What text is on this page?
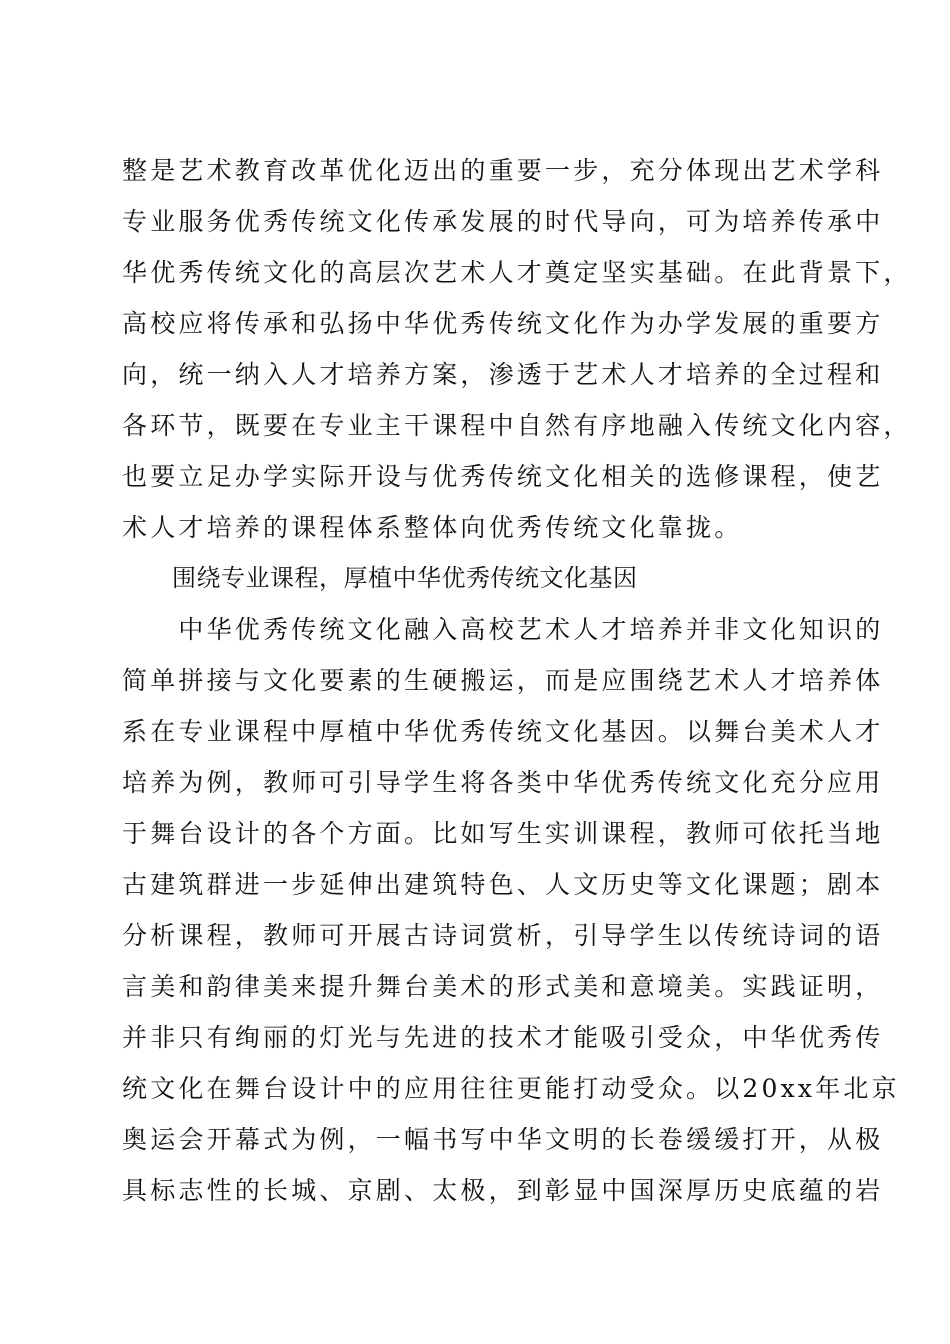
整是艺术教育改革优化迈出的重要一步，充分体现出艺术学科
专业服务优秀传统文化传承发展的时代导向，可为培养传承中
华优秀传统文化的高层次艺术人才奠定坚实基础。在此背景下，
高校应将传承和弘扬中华优秀传统文化作为办学发展的重要方
向，统一纳入人才培养方案，渗透于艺术人才培养的全过程和
各环节，既要在专业主干课程中自然有序地融入传统文化内容，
也要立足办学实际开设与优秀传统文化相关的选修课程，使艺
术人才培养的课程体系整体向优秀传统文化靠拢。
围绕专业课程，厚植中华优秀传统文化基因
　　中华优秀传统文化融入高校艺术人才培养并非文化知识的
简单拼接与文化要素的生硬搬运，而是应围绕艺术人才培养体
系在专业课程中厚植中华优秀传统文化基因。以舞台美术人才
培养为例，教师可引导学生将各类中华优秀传统文化充分应用
于舞台设计的各个方面。比如写生实训课程，教师可依托当地
古建筑群进一步延伸出建筑特色、人文历史等文化课题；剧本
分析课程，教师可开展古诗词赏析，引导学生以传统诗词的语
言美和韵律美来提升舞台美术的形式美和意境美。实践证明，
并非只有绚丽的灯光与先进的技术才能吸引受众，中华优秀传
统文化在舞台设计中的应用往往更能打动受众。以20xx年北京
奥运会开幕式为例，一幅书写中华文明的长卷缓缓打开，从极
具标志性的长城、京剧、太极，到彰显中国深厚历史底蕴的岩
